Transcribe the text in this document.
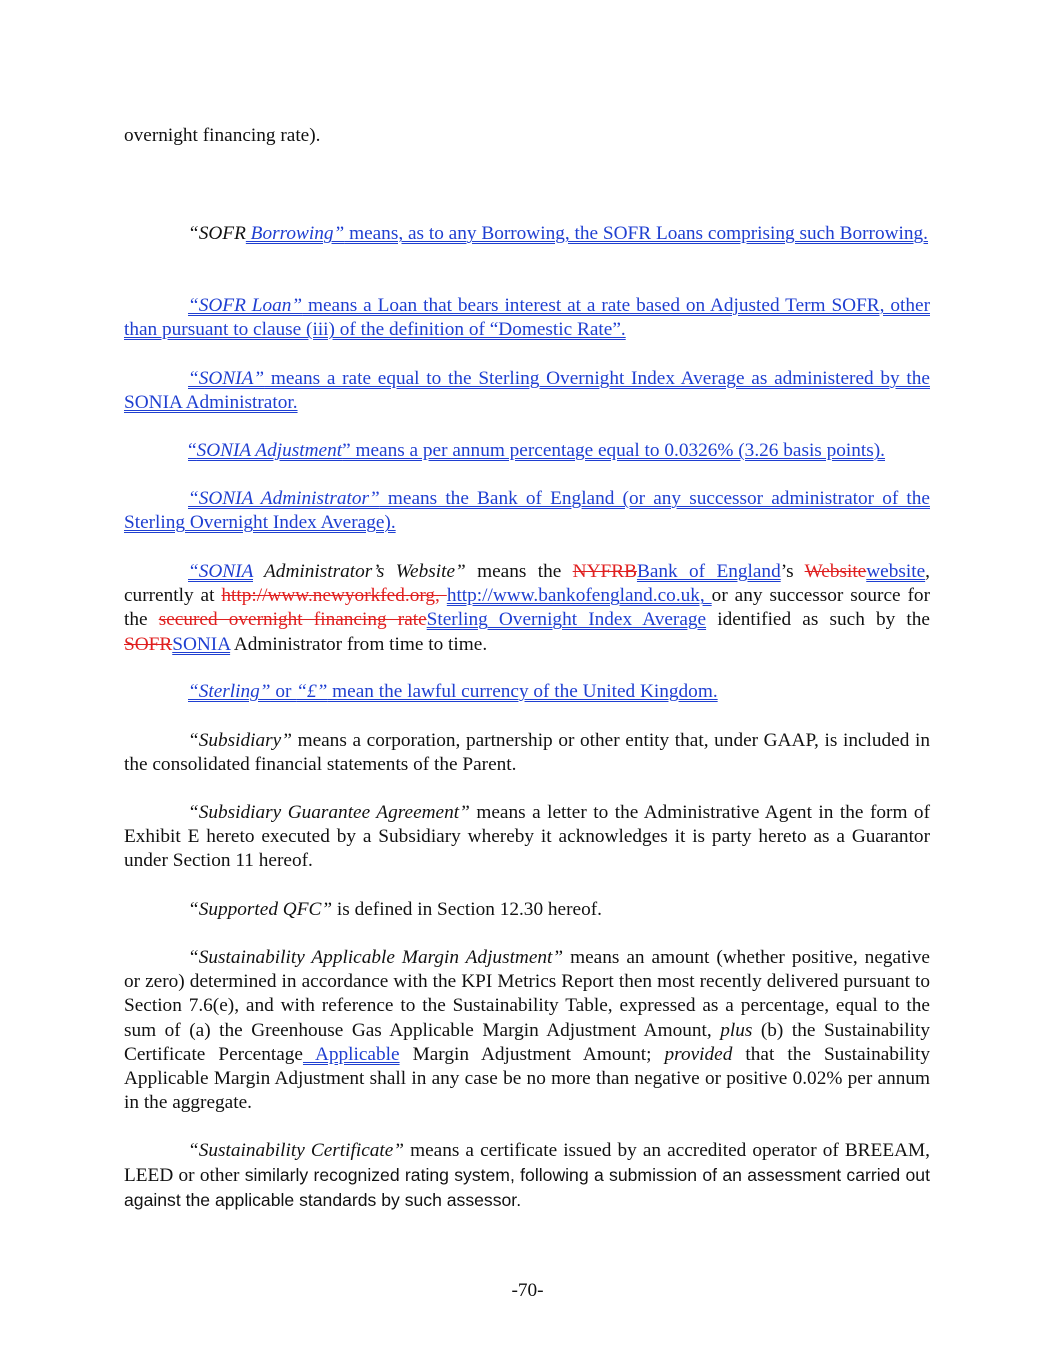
overnight financing rate).

“SOFR Borrowing” means, as to any Borrowing, the SOFR Loans comprising such Borrowing.

“SOFR Loan” means a Loan that bears interest at a rate based on Adjusted Term SOFR, other than pursuant to clause (iii) of the definition of “Domestic Rate”.

“SONIA” means a rate equal to the Sterling Overnight Index Average as administered by the SONIA Administrator.

“SONIA Adjustment” means a per annum percentage equal to 0.0326% (3.26 basis points).

“SONIA Administrator” means the Bank of England (or any successor administrator of the Sterling Overnight Index Average).

“SONIA Administrator’s Website” means the NYFRBBank of England’s Websitewebsite, currently at http://www.newyorkfed.org, http://www.bankofengland.co.uk, or any successor source for the secured overnight financing rateSterling Overnight Index Average identified as such by the SOFRSONIA Administrator from time to time.

“Sterling” or “£” mean the lawful currency of the United Kingdom.

“Subsidiary” means a corporation, partnership or other entity that, under GAAP, is included in the consolidated financial statements of the Parent.

“Subsidiary Guarantee Agreement” means a letter to the Administrative Agent in the form of Exhibit E hereto executed by a Subsidiary whereby it acknowledges it is party hereto as a Guarantor under Section 11 hereof.

“Supported QFC” is defined in Section 12.30 hereof.

“Sustainability Applicable Margin Adjustment” means an amount (whether positive, negative or zero) determined in accordance with the KPI Metrics Report then most recently delivered pursuant to Section 7.6(e), and with reference to the Sustainability Table, expressed as a percentage, equal to the sum of (a) the Greenhouse Gas Applicable Margin Adjustment Amount, plus (b) the Sustainability Certificate Percentage Applicable Margin Adjustment Amount; provided that the Sustainability Applicable Margin Adjustment shall in any case be no more than negative or positive 0.02% per annum in the aggregate.

“Sustainability Certificate” means a certificate issued by an accredited operator of BREEAM, LEED or other similarly recognized rating system, following a submission of an assessment carried out against the applicable standards by such assessor.

-70-
